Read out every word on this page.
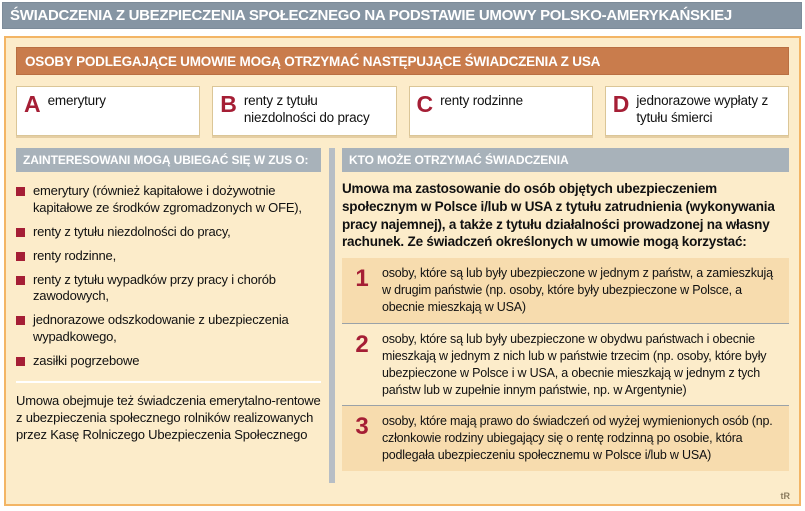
ŚWIADCZENIA Z UBEZPIECZENIA SPOŁECZNEGO NA PODSTAWIE UMOWY POLSKO-AMERYKAŃSKIEJ
OSOBY PODLEGAJĄCE UMOWIE MOGĄ OTRZYMAĆ NASTĘPUJĄCE ŚWIADCZENIA Z USA
A emerytury	B renty z tytułu niezdolności do pracy
C renty rodzinne	D jednorazowe wypłaty z tytułu śmierci
ZAINTERESOWANI MOGĄ UBIEGAĆ SIĘ W ZUS O:
emerytury (również kapitałowe i dożywotnie kapitałowe ze środków zgromadzonych w OFE),
renty z tytułu niezdolności do pracy,
renty rodzinne,
renty z tytułu wypadków przy pracy i chorób zawodowych,
jednorazowe odszkodowanie z ubezpieczenia wypadkowego,
zasiłki pogrzebowe

Umowa obejmuje też świadczenia emerytalno-rentowe z ubezpieczenia społecznego rolników realizowanych przez Kasę Rolniczego Ubezpieczenia Społecznego

KTO MOŻE OTRZYMAĆ ŚWIADCZENIA

Umowa ma zastosowanie do osób objętych ubezpieczeniem społecznym w Polsce i/lub w USA z tytułu zatrudnienia (wykonywania pracy najemnej), a także z tytułu działalności prowadzonej na własny rachunek. Ze świadczeń określonych w umowie mogą korzystać:

1	osoby, które są lub były ubezpieczone w jednym z państw, a zamieszkują w drugim państwie (np. osoby, które były ubezpieczone w Polsce, a obecnie mieszkają w USA)
2	osoby, które są lub były ubezpieczone w obydwu państwach i obecnie mieszkają w jednym z nich lub w państwie trzecim (np. osoby, które były ubezpieczone w Polsce i w USA, a obecnie mieszkają w jednym z tych państw lub w zupełnie innym państwie, np. w Argentynie)
3	osoby, które mają prawo do świadczeń od wyżej wymienionych osób (np. członkowie rodziny ubiegający się o rentę rodzinną po osobie, która podlegała ubezpieczeniu społecznemu w Polsce i/lub w USA)
tR
